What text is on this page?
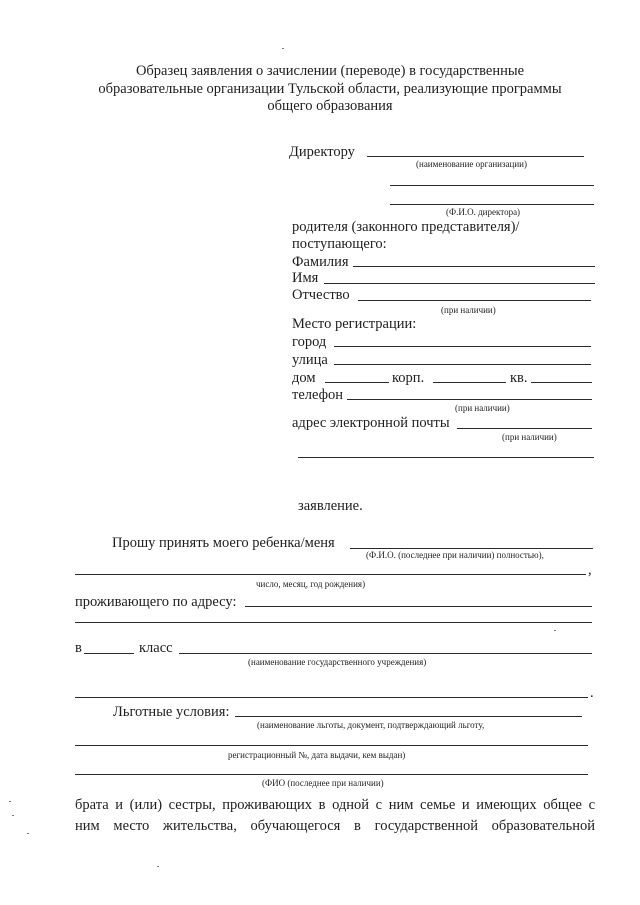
Образец заявления о зачислении (переводе) в государственные
образовательные организации Тульской области, реализующие программы
общего образования
Директору
(наименование организации)
(Ф.И.О. директора)
родителя (законного представителя)/
поступающего:
Фамилия
Имя
Отчество
(при наличии)
Место регистрации:
город
улица
дом	корп.	кв.
телефон
(при наличии)
адрес электронной почты
(при наличии)
заявление.
Прошу принять моего ребенка/меня
(Ф.И.О. (последнее при наличии) полностью),
,
число, месяц, год рождения)
проживающего по адресу:
в	класс
(наименование государственного учреждения)
.
Льготные условия:
(наименование льготы, документ, подтверждающий льготу,
регистрационный №, дата выдачи, кем выдан)
(ФИО (последнее при наличии)
брата и (или) сестры, проживающих в одной с ним семье и имеющих общее с
ним место жительства, обучающегося в государственной образовательной
